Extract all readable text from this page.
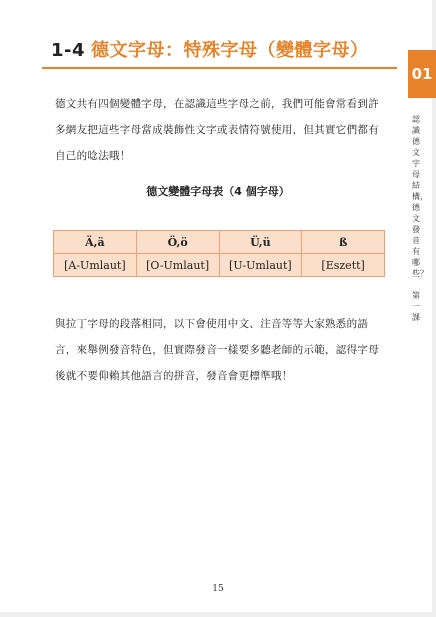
1-4 德文字母：特殊字母（變體字母）
01
認識德文字母結構，德文發音有哪些？
第一課
德文共有四個變體字母，在認識這些字母之前，我們可能會常看到許多網友把這些字母當成裝飾性文字或表情符號使用，但其實它們都有自己的唸法哦！
德文變體字母表（4 個字母）
Ä,ä	Ö,ö	Ü,ü	ß
[A-Umlaut]	[O-Umlaut]	[U-Umlaut]	[Eszett]
與拉丁字母的段落相同，以下會使用中文、注音等等大家熟悉的語言，來舉例發音特色，但實際發音一樣要多聽老師的示範，認得字母後就不要仰賴其他語言的拼音，發音會更標準哦！
15
